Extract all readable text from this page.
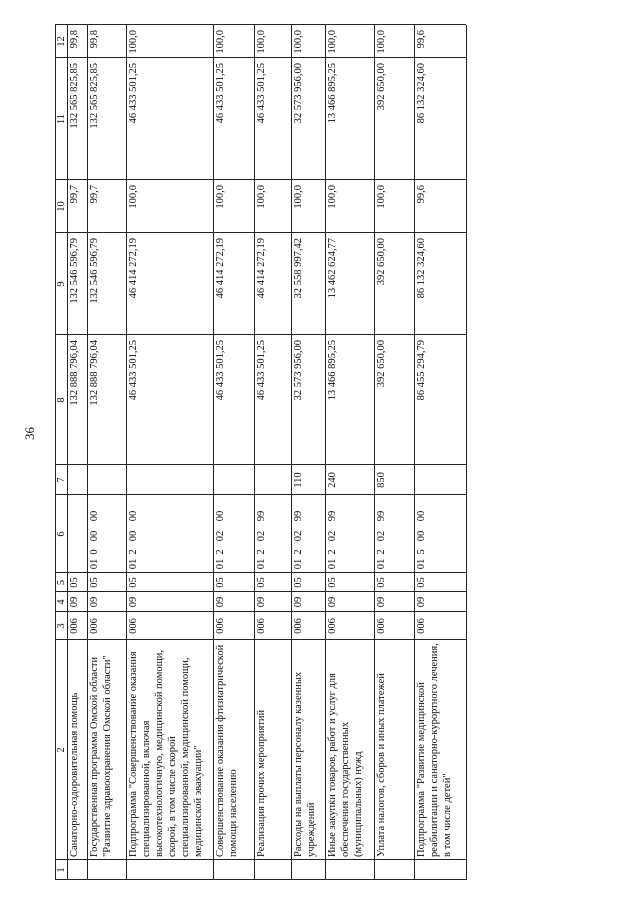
36
1
2
3
4
5
6
7
8
9
10
11
12
Санаторно-оздоровительная помощь
006
09
05
132 888 796,04
132 546 596,79
99,7
132 565 825,85
99,8
Государственная программа Омской области "Развитие здравоохранения Омской области"
006
09
05
0100000
132 888 796,04
132 546 596,79
99,7
132 565 825,85
99,8
Подпрограмма "Совершенствование оказания специализированной, включая высокотехнологичную, медицинской помощи, скорой, в том числе скорой специализированной, медицинской помощи, медицинской эвакуации"
006
09
05
0120000
46 433 501,25
46 414 272,19
100,0
46 433 501,25
100,0
Совершенствование оказания фтизиатрической помощи населению
006
09
05
0120200
46 433 501,25
46 414 272,19
100,0
46 433 501,25
100,0
Реализация прочих мероприятий
006
09
05
0120299
46 433 501,25
46 414 272,19
100,0
46 433 501,25
100,0
Расходы на выплаты персоналу казенных учреждений
006
09
05
0120299
110
32 573 956,00
32 558 997,42
100,0
32 573 956,00
100,0
Иные закупки товаров, работ и услуг для обеспечения государственных (муниципальных) нужд
006
09
05
0120299
240
13 466 895,25
13 462 624,77
100,0
13 466 895,25
100,0
Уплата налогов, сборов и иных платежей
006
09
05
0120299
850
392 650,00
392 650,00
100,0
392 650,00
100,0
Подпрограмма "Развитие медицинской реабилитации и санаторно-курортного лечения, в том числе детей"
006
09
05
0150000
86 455 294,79
86 132 324,60
99,6
86 132 324,60
99,6
